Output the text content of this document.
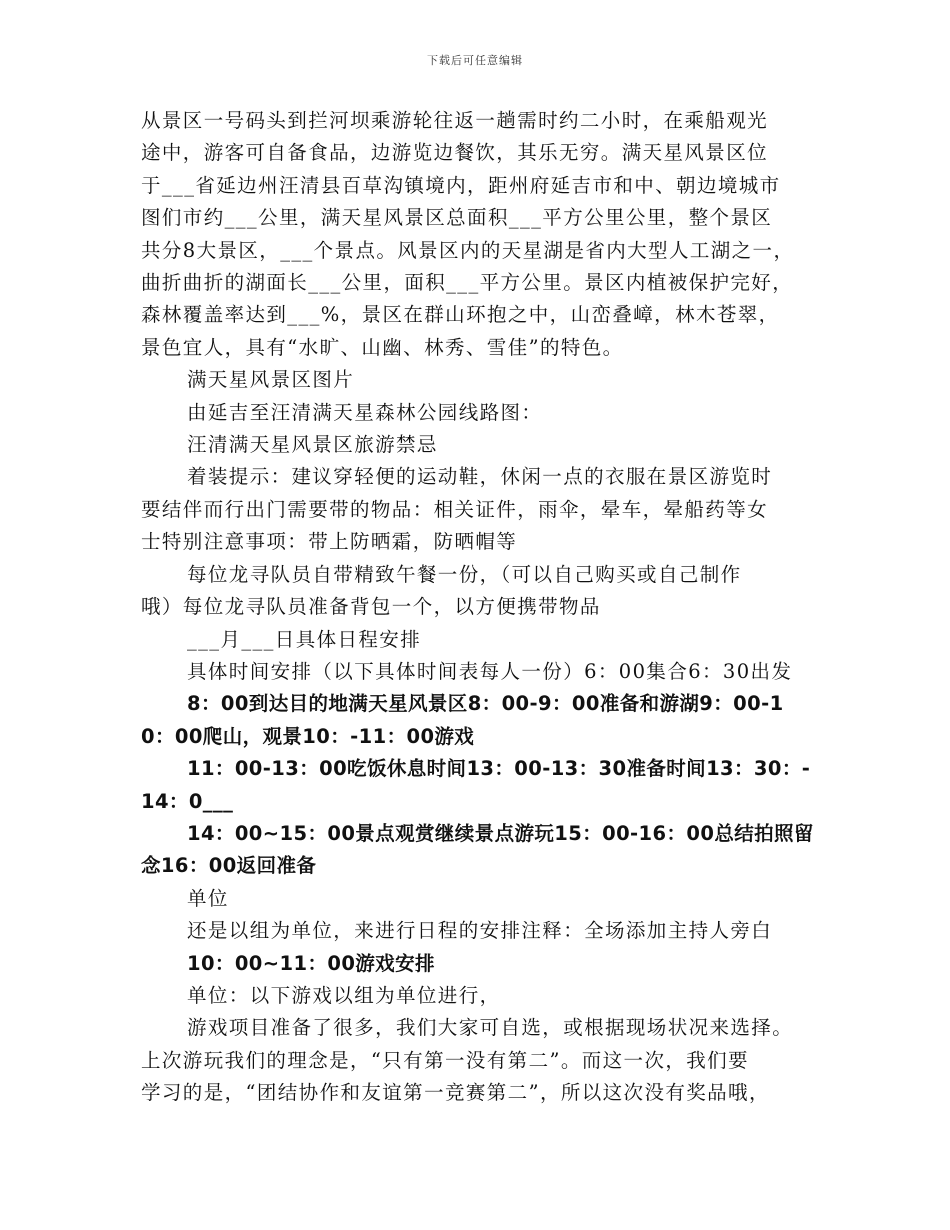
下载后可任意编辑
从景区一号码头到拦河坝乘游轮往返一趟需时约二小时，在乘船观光
途中，游客可自备食品，边游览边餐饮，其乐无穷。满天星风景区位
于___省延边州汪清县百草沟镇境内，距州府延吉市和中、朝边境城市
图们市约___公里，满天星风景区总面积___平方公里公里，整个景区
共分8大景区，___个景点。风景区内的天星湖是省内大型人工湖之一，
曲折曲折的湖面长___公里，面积___平方公里。景区内植被保护完好，
森林覆盖率达到___%，景区在群山环抱之中，山峦叠嶂，林木苍翠，
景色宜人，具有“水旷、山幽、林秀、雪佳”的特色。
满天星风景区图片
由延吉至汪清满天星森林公园线路图：
汪清满天星风景区旅游禁忌
着装提示：建议穿轻便的运动鞋，休闲一点的衣服在景区游览时
要结伴而行出门需要带的物品：相关证件，雨伞，晕车，晕船药等女
士特别注意事项：带上防晒霜，防晒帽等
每位龙寻队员自带精致午餐一份，（可以自己购买或自己制作
哦）每位龙寻队员准备背包一个，以方便携带物品
___月___日具体日程安排
具体时间安排（以下具体时间表每人一份）6：00集合6：30出发
8：00到达目的地满天星风景区8：00-9：00准备和游湖9：00-1
0：00爬山，观景10：-11：00游戏
11：00-13：00吃饭休息时间13：00-13：30准备时间13：30：-
14：0___
14：00~15：00景点观赏继续景点游玩15：00-16：00总结拍照留
念16：00返回准备
单位
还是以组为单位，来进行日程的安排注释：全场添加主持人旁白
10：00~11：00游戏安排
单位：以下游戏以组为单位进行，
游戏项目准备了很多，我们大家可自选，或根据现场状况来选择。
上次游玩我们的理念是，“只有第一没有第二”。而这一次，我们要
学习的是，“团结协作和友谊第一竞赛第二”，所以这次没有奖品哦，
